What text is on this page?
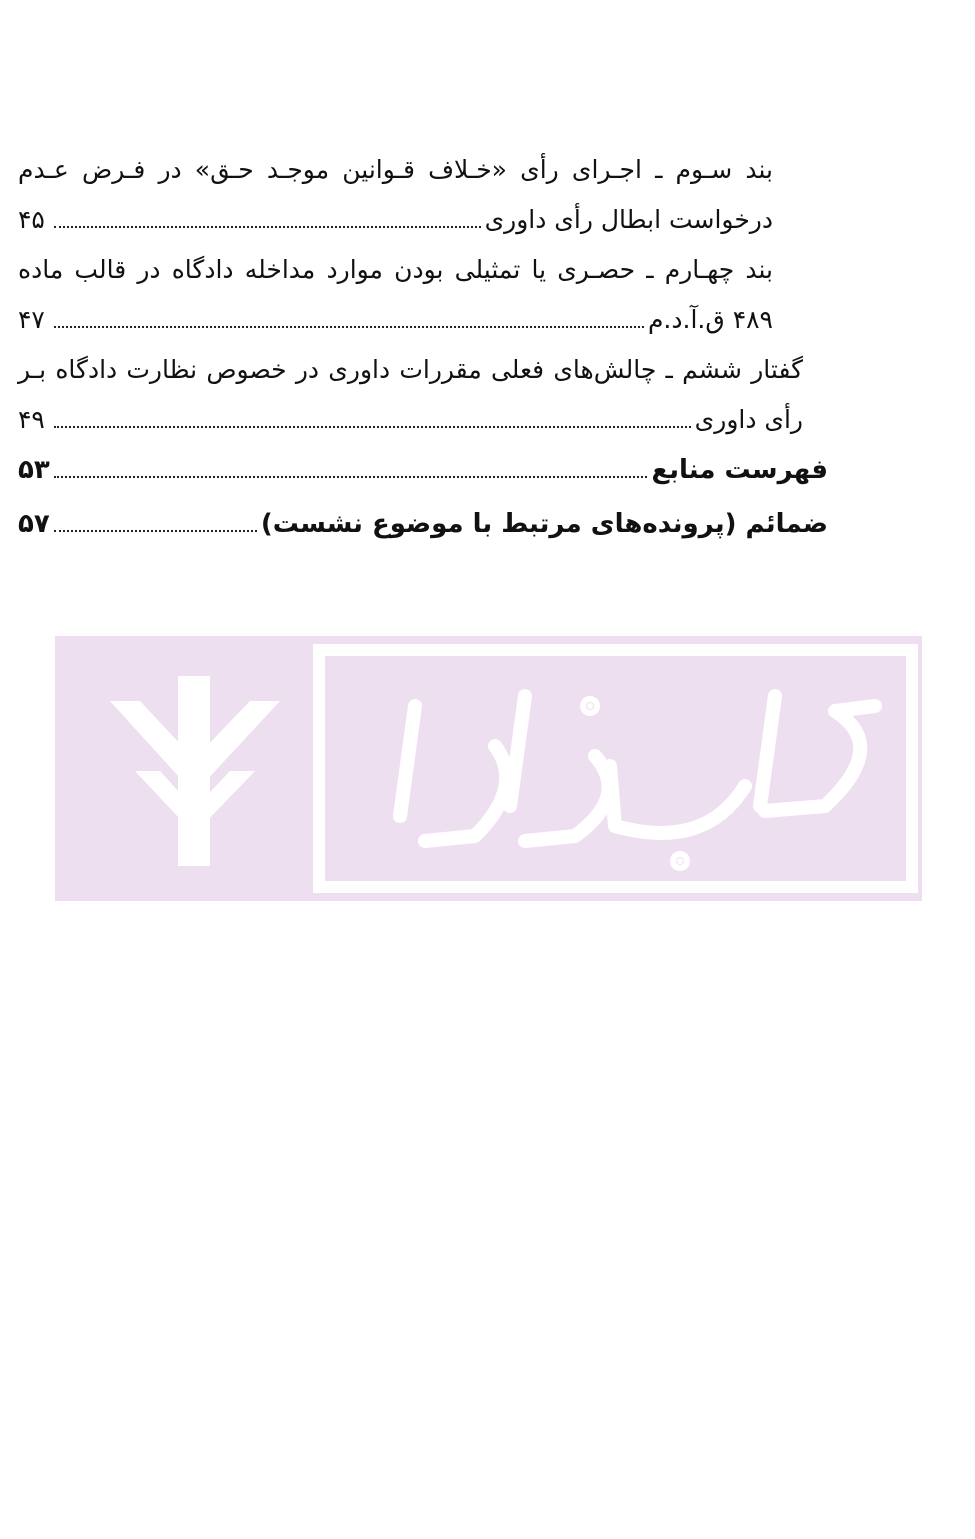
بند سـوم ـ اجـرای رأی «خـلاف قـوانین موجـد حـق» در فـرض عـدم
درخواست ابطال رأی داوری
۴۵
بند چهـارم ـ حصـری یا تمثیلی بودن موارد مداخله دادگاه در قالب ماده
۴۸۹ ق.آ.د.م
۴۷
گفتار ششم ـ چالش‌های فعلی مقررات داوری در خصوص نظارت دادگاه بـر
رأی داوری
۴۹
فهرست منابع
۵۳
ضمائم (پرونده‌های مرتبط با موضوع نشست)
۵۷
